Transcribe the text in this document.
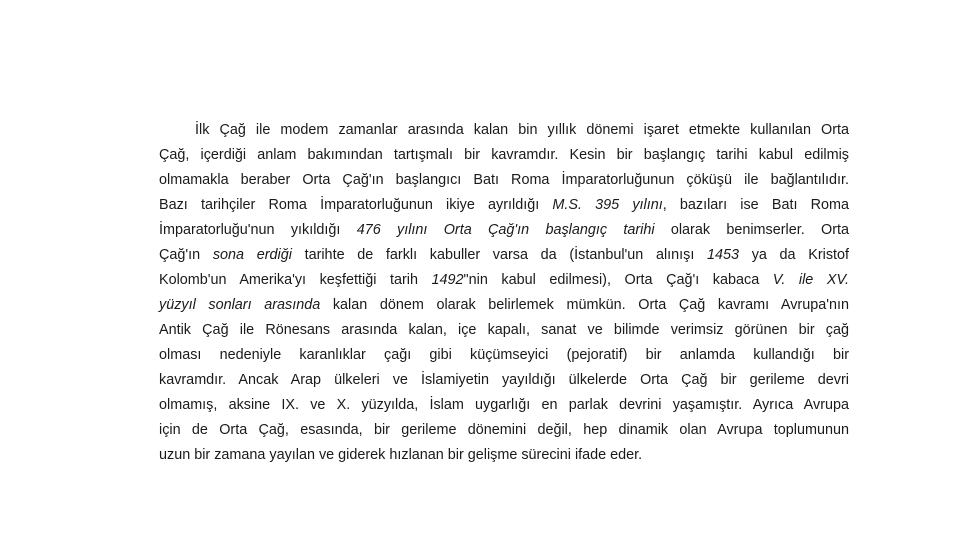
İlk Çağ ile modem zamanlar arasında kalan bin yıllık dönemi işaret etmekte kullanılan Orta
Çağ, içerdiği anlam bakımından tartışmalı bir kavramdır. Kesin bir başlangıç tarihi kabul edilmiş
olmamakla beraber Orta Çağ'ın başlangıcı Batı Roma İmparatorluğunun çöküşü ile bağlantılıdır.
Bazı tarihçiler Roma İmparatorluğunun ikiye ayrıldığı M.S. 395 yılını, bazıları ise Batı Roma
İmparatorluğu'nun yıkıldığı 476 yılını Orta Çağ'ın başlangıç tarihi olarak benimserler. Orta
Çağ'ın sona erdiği tarihte de farklı kabuller varsa da (İstanbul'un alınışı 1453 ya da Kristof
Kolomb'un Amerika'yı keşfettiği tarih 1492"nin kabul edilmesi), Orta Çağ'ı kabaca V. ile XV.
yüzyıl sonları arasında kalan dönem olarak belirlemek mümkün. Orta Çağ kavramı Avrupa'nın
Antik Çağ ile Rönesans arasında kalan, içe kapalı, sanat ve bilimde verimsiz görünen bir çağ
olması nedeniyle karanlıklar çağı gibi küçümseyici (pejoratif) bir anlamda kullandığı bir
kavramdır. Ancak Arap ülkeleri ve İslamiyetin yayıldığı ülkelerde Orta Çağ bir gerileme devri
olmamış, aksine IX. ve X. yüzyılda, İslam uygarlığı en parlak devrini yaşamıştır. Ayrıca Avrupa
için de Orta Çağ, esasında, bir gerileme dönemini değil, hep dinamik olan Avrupa toplumunun
uzun bir zamana yayılan ve giderek hızlanan bir gelişme sürecini ifade eder.
